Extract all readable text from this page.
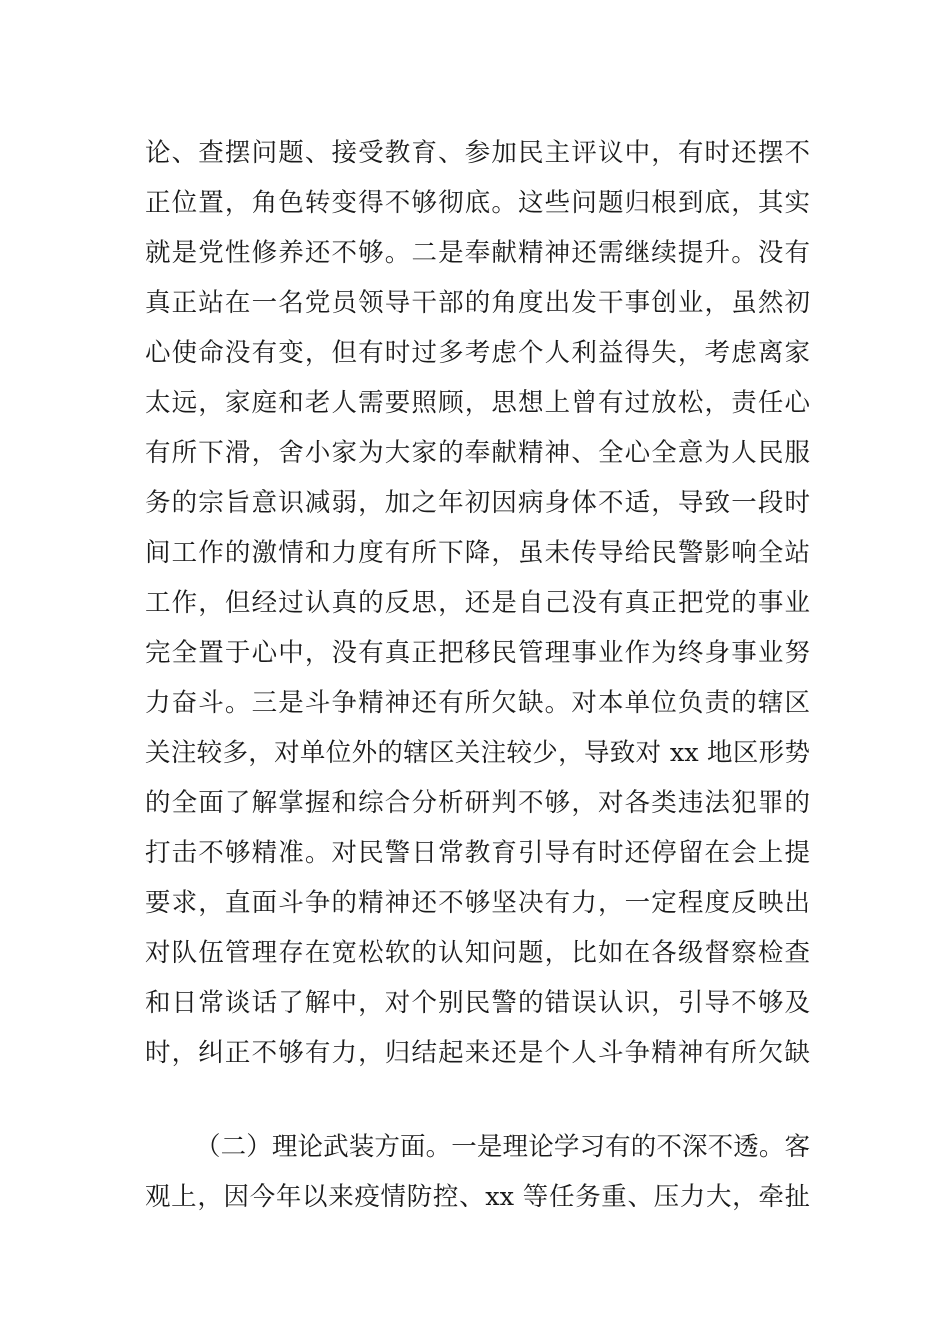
论、查摆问题、接受教育、参加民主评议中，有时还摆不
正位置，角色转变得不够彻底。这些问题归根到底，其实
就是党性修养还不够。二是奉献精神还需继续提升。没有
真正站在一名党员领导干部的角度出发干事创业，虽然初
心使命没有变，但有时过多考虑个人利益得失，考虑离家
太远，家庭和老人需要照顾，思想上曾有过放松，责任心
有所下滑，舍小家为大家的奉献精神、全心全意为人民服
务的宗旨意识减弱，加之年初因病身体不适，导致一段时
间工作的激情和力度有所下降，虽未传导给民警影响全站
工作，但经过认真的反思，还是自己没有真正把党的事业
完全置于心中，没有真正把移民管理事业作为终身事业努
力奋斗。三是斗争精神还有所欠缺。对本单位负责的辖区
关注较多，对单位外的辖区关注较少，导致对 xx 地区形势
的全面了解掌握和综合分析研判不够，对各类违法犯罪的
打击不够精准。对民警日常教育引导有时还停留在会上提
要求，直面斗争的精神还不够坚决有力，一定程度反映出
对队伍管理存在宽松软的认知问题，比如在各级督察检查
和日常谈话了解中，对个别民警的错误认识，引导不够及
时，纠正不够有力，归结起来还是个人斗争精神有所欠缺
（二）理论武装方面。一是理论学习有的不深不透。客
观上，因今年以来疫情防控、xx 等任务重、压力大，牵扯
